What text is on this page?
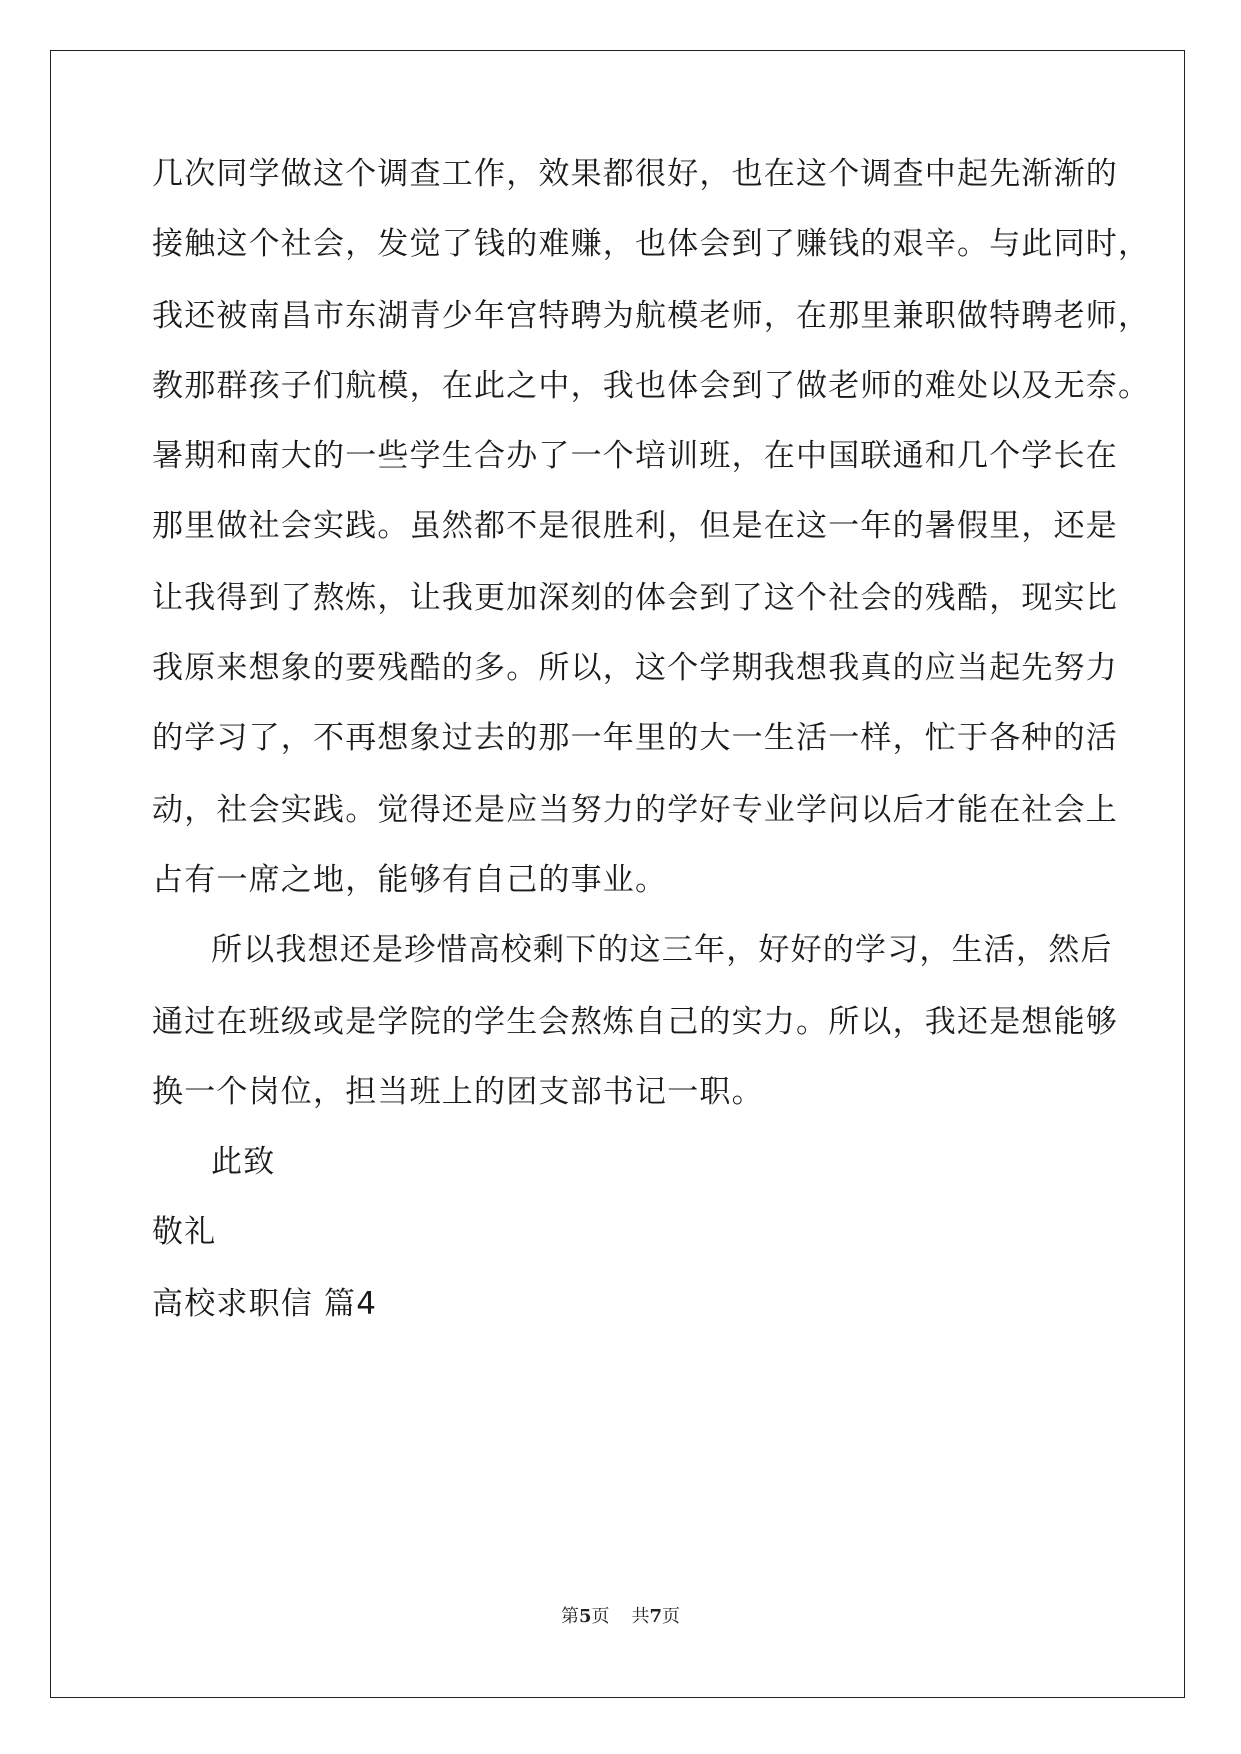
几次同学做这个调查工作，效果都很好，也在这个调查中起先渐渐的
接触这个社会，发觉了钱的难赚，也体会到了赚钱的艰辛。与此同时，
我还被南昌市东湖青少年宫特聘为航模老师，在那里兼职做特聘老师，
教那群孩子们航模，在此之中，我也体会到了做老师的难处以及无奈。
暑期和南大的一些学生合办了一个培训班，在中国联通和几个学长在
那里做社会实践。虽然都不是很胜利，但是在这一年的暑假里，还是
让我得到了熬炼，让我更加深刻的体会到了这个社会的残酷，现实比
我原来想象的要残酷的多。所以，这个学期我想我真的应当起先努力
的学习了，不再想象过去的那一年里的大一生活一样，忙于各种的活
动，社会实践。觉得还是应当努力的学好专业学问以后才能在社会上
占有一席之地，能够有自己的事业。
所以我想还是珍惜高校剩下的这三年，好好的学习，生活，然后
通过在班级或是学院的学生会熬炼自己的实力。所以，我还是想能够
换一个岗位，担当班上的团支部书记一职。
此致
敬礼
高校求职信 篇4
第5页 共7页
